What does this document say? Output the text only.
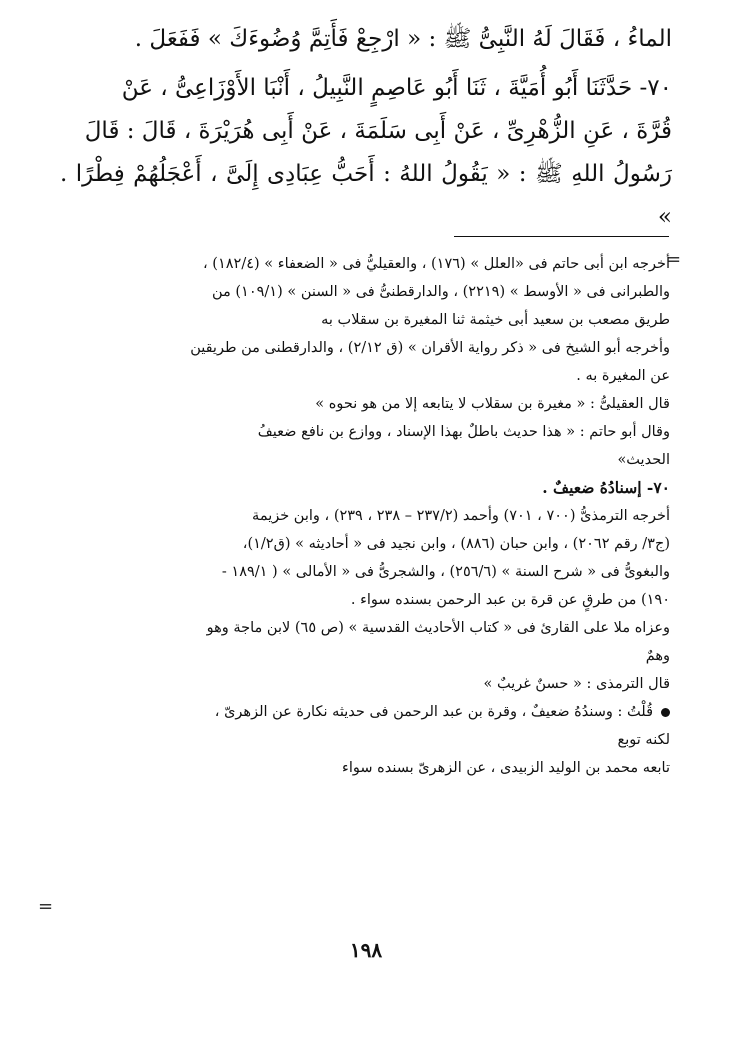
الماءُ ، فَقَالَ لَهُ النَّبِىُّ ﷺ : « ارْجِعْ فَأَتِمَّ وُضُوءَكَ » فَفَعَلَ .

٧٠- حَدَّثَنَا أَبُو أُمَيَّةَ ، ثَنَا أَبُو عَاصِمٍ النَّبِيلُ ، أَنْبَا الأَوْزَاعِىُّ ، عَنْ

قُرَّةَ ، عَنِ الزُّهْرِىِّ ، عَنْ أَبِى سَلَمَةَ ، عَنْ أَبِى هُرَيْرَةَ ، قَالَ : قَالَ

رَسُولُ اللهِ ﷺ : « يَقُولُ اللهُ : أَحَبُّ عِبَادِى إِلَىَّ ، أَعْجَلُهُمْ فِطْرًا . »

=
=

أخرجه ابن أبى حاتم فى «العلل » (١٧٦) ، والعقيليُّ فى « الضعفاء » (١٨٢/٤) ،

والطبرانى فى « الأوسط » (٢٢١٩) ، والدارقطنىُّ فى « السنن » (١٠٩/١) من

طريق مصعب بن سعيد أبى خيثمة ثنا المغيرة بن سقلاب به

وأخرجه أبو الشيخ فى « ذكر رواية الأقران » (ق ٢/١٢) ، والدارقطنى من طريقين

عن المغيرة به .

قال العقيلىُّ : « مغيرة بن سقلاب لا يتابعه إلا من هو نحوه »

وقال أبو حاتم : « هذا حديث باطلٌ بهذا الإسناد ، ووازع بن نافع ضعيفُ

الحديث»

٧٠- إسنادُهُ ضعيفٌ .

أخرجه الترمذىُّ (٧٠٠ ، ٧٠١) وأحمد (٢٣٧/٢ – ٢٣٨ ، ٢٣٩) ، وابن خزيمة

(ج٣/ رقم ٢٠٦٢) ، وابن حبان (٨٨٦) ، وابن نجيد فى « أحاديثه » (ق١/٢)،

والبغوىُّ فى « شرح السنة » (٢٥٦/٦) ، والشجرىُّ فى « الأمالى » ( ١٨٩/١ -

١٩٠) من طرقٍ عن قرة بن عبد الرحمن بسنده سواء .

وعزاه ملا على القارئ فى « كتاب الأحاديث القدسية » (ص ٦٥) لابن ماجة وهو

وهمٌ

قال الترمذى : « حسنٌ غريبٌ »

قُلْتُ : وسندُهُ ضعيفٌ ، وقرة بن عبد الرحمن فى حديثه نكارة عن الزهرىّ ،

لكنه توبع

تابعه محمد بن الوليد الزبيدى ، عن الزهرىّ بسنده سواء

١٩٨
